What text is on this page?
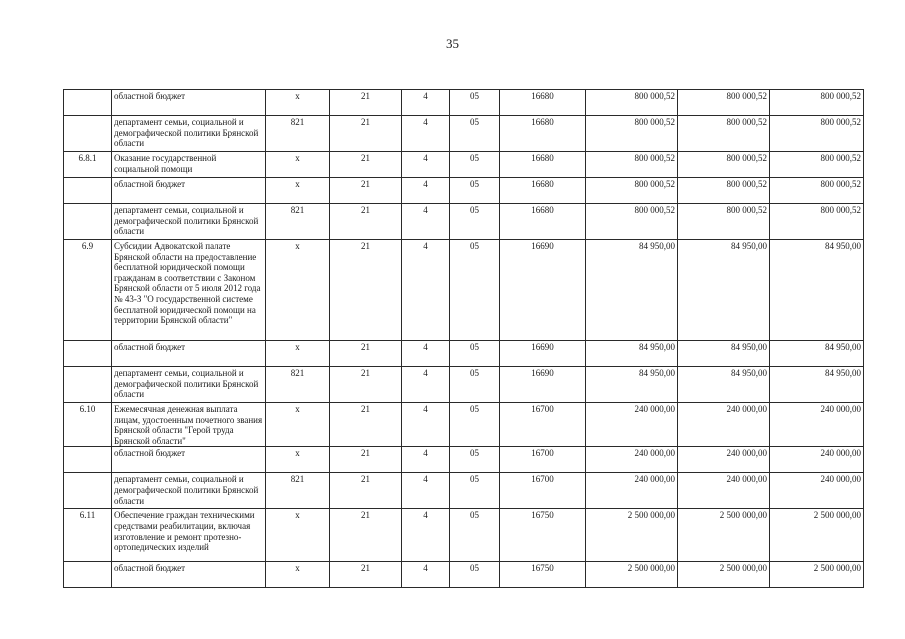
35
	областной бюджет	х	21	4	05	16680	800 000,52	800 000,52	800 000,52
	департамент семьи, социальной и демографической политики Брянской области	821	21	4	05	16680	800 000,52	800 000,52	800 000,52
6.8.1	Оказание государственной социальной помощи	х	21	4	05	16680	800 000,52	800 000,52	800 000,52
	областной бюджет	х	21	4	05	16680	800 000,52	800 000,52	800 000,52
	департамент семьи, социальной и демографической политики Брянской области	821	21	4	05	16680	800 000,52	800 000,52	800 000,52
6.9	Субсидии Адвокатской палате Брянской области на предоставление бесплатной юридической помощи гражданам в соответствии с Законом Брянской области от 5 июля 2012 года № 43-З "О государственной системе бесплатной юридической помощи на территории Брянской области"	х	21	4	05	16690	84 950,00	84 950,00	84 950,00
	областной бюджет	х	21	4	05	16690	84 950,00	84 950,00	84 950,00
	департамент семьи, социальной и демографической политики Брянской области	821	21	4	05	16690	84 950,00	84 950,00	84 950,00
6.10	Ежемесячная денежная выплата лицам, удостоенным почетного звания Брянской области "Герой труда Брянской области"	х	21	4	05	16700	240 000,00	240 000,00	240 000,00
	областной бюджет	х	21	4	05	16700	240 000,00	240 000,00	240 000,00
	департамент семьи, социальной и демографической политики Брянской области	821	21	4	05	16700	240 000,00	240 000,00	240 000,00
6.11	Обеспечение граждан техническими средствами реабилитации, включая изготовление и ремонт протезно-ортопедических изделий	х	21	4	05	16750	2 500 000,00	2 500 000,00	2 500 000,00
	областной бюджет	х	21	4	05	16750	2 500 000,00	2 500 000,00	2 500 000,00
